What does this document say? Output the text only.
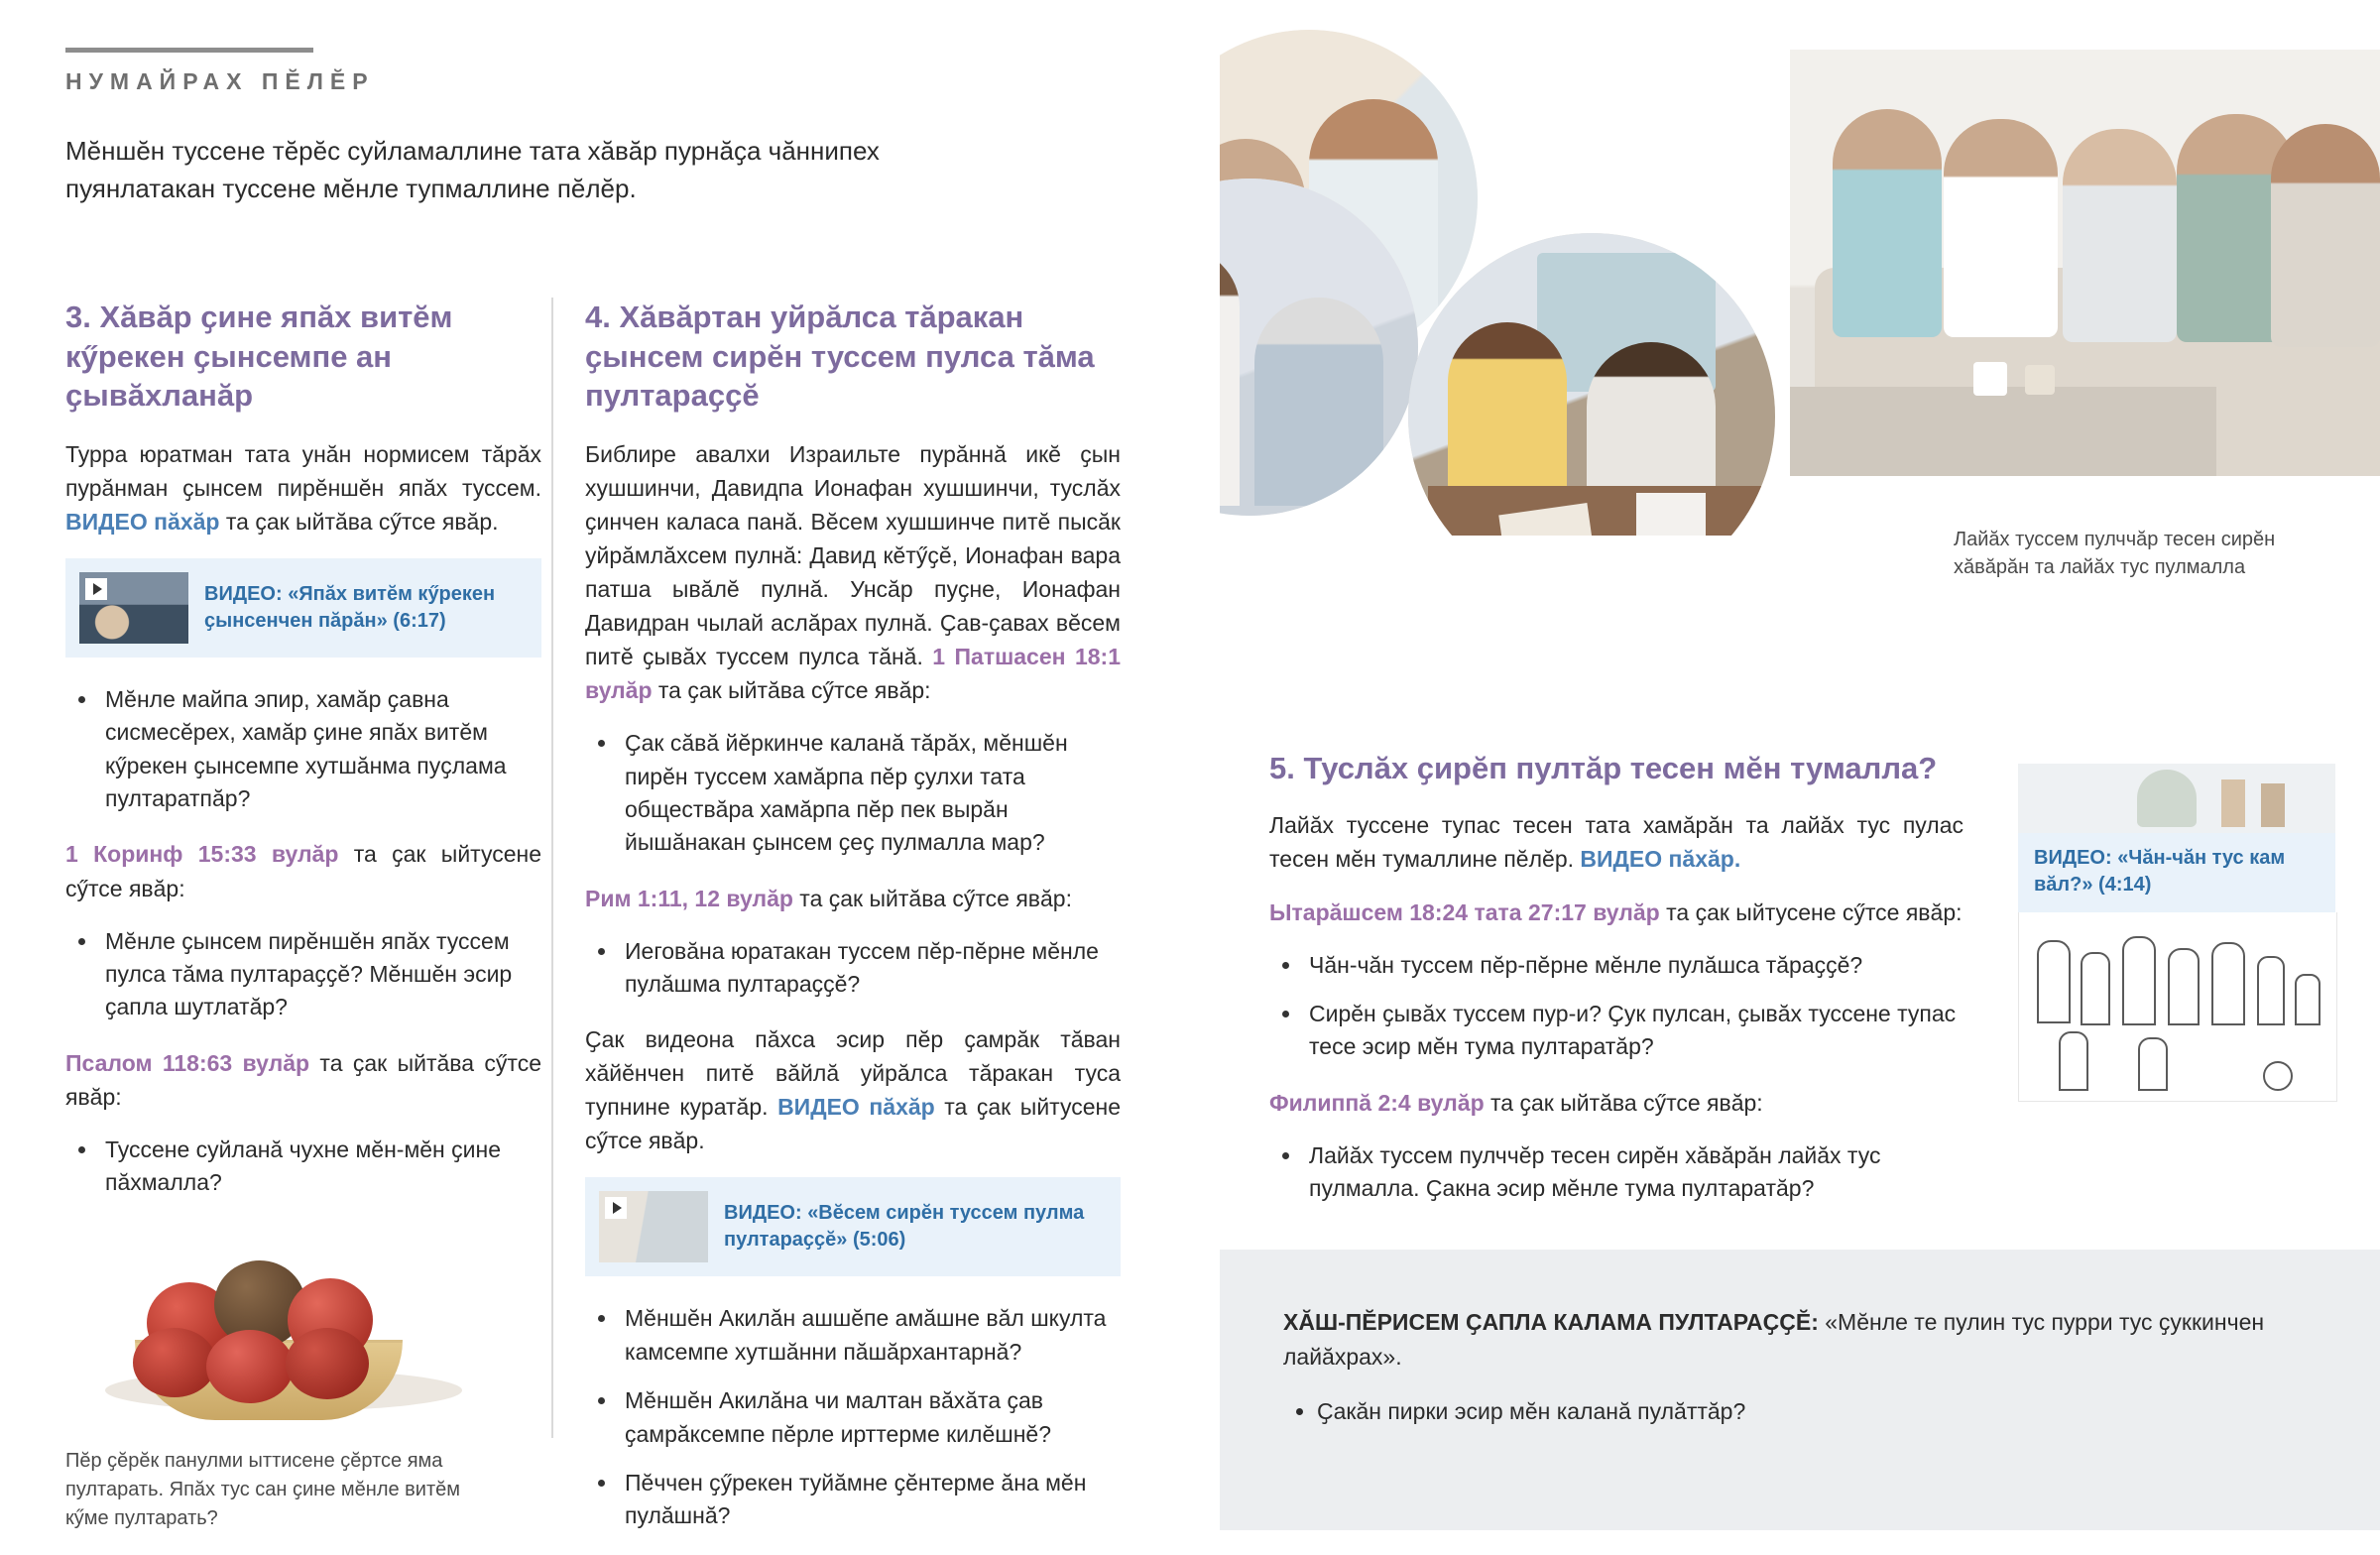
НУМАЙРАХ ПӖЛӖР
Мӗншӗн туссене тӗрӗс суйламаллине тата хӑвӑр пурнӑҫа чӑннипех пуянлатакан туссене мӗнле тупмаллине пӗлӗр.
3. Хӑвӑр ҫине япӑх витӗм кӳрекен ҫынсемпе ан ҫывӑхланӑр

Турра юратман тата унӑн нормисем тӑрӑх пурӑнман ҫынсем пирӗншӗн япӑх туссем. ВИДЕО пӑхӑр та ҫак ыйтӑва сӳтсе явӑр.

ВИДЕО: «Япӑх витӗм кӳрекен ҫынсенчен пӑрӑн» (6:17)
• Мӗнле майпа эпир, хамӑр ҫавна сисмесӗрех, хамӑр ҫине япӑх витӗм кӳрекен ҫынсемпе хутшӑнма пуҫлама пултаратпӑр?

1 Коринф 15:33 вулӑр та ҫак ыйтусене сӳтсе явӑр:

• Мӗнле ҫынсем пирӗншӗн япӑх туссем пулса тӑма пултараҫҫӗ? Мӗншӗн эсир ҫапла шутлатӑр?

Псалом 118:63 вулӑр та ҫак ыйтӑва сӳтсе явӑр:

• Туссене суйланӑ чухне мӗн-мӗн ҫине пӑхмалла?
Пӗр ҫӗрӗк панулми ыттисене ҫӗртсе яма пултарать. Япӑх тус сан ҫине мӗнле витӗм кӳме пултарать?
4. Хӑвӑртан уйрӑлса тӑракан ҫынсем сирӗн туссем пулса тӑма пултараҫҫӗ

Библире авалхи Израильте пурӑннӑ икӗ ҫын хушшинчи, Давидпа Ионафан хушшинчи, туслӑх ҫинчен каласа панӑ. Вӗсем хушшинче питӗ пысӑк уйрӑмлӑхсем пулнӑ: Давид кӗтӳҫӗ, Ионафан вара патша ывӑлӗ пулнӑ. Унсӑр пуҫне, Ионафан Давидран чылай аслӑрах пулнӑ. Ҫав-ҫавах вӗсем питӗ ҫывӑх туссем пулса тӑнӑ. 1 Патшасен 18:1 вулӑр та ҫак ыйтӑва сӳтсе явӑр:

• Ҫак сӑвӑ йӗркинче каланӑ тӑрӑх, мӗншӗн пирӗн туссем хамӑрпа пӗр ҫулхи тата обществӑра хамӑрпа пӗр пек вырӑн йышӑнакан ҫынсем ҫеҫ пулмалла мар?

Рим 1:11, 12 вулӑр та ҫак ыйтӑва сӳтсе явӑр:

• Иеговӑна юратакан туссем пӗр-пӗрне мӗнле пулӑшма пултараҫҫӗ?

Ҫак видеона пӑхса эсир пӗр ҫамрӑк тӑван хӑйӗнчен питӗ вӑйлӑ уйрӑлса тӑракан туса тупнине куратӑр. ВИДЕО пӑхӑр та ҫак ыйтусене сӳтсе явӑр.

ВИДЕО: «Вӗсем сирӗн туссем пулма пултараҫҫӗ» (5:06)
• Мӗншӗн Акилӑн ашшӗпе амӑшне вӑл шкулта камсемпе хутшӑнни пӑшӑрхантарнӑ?
• Мӗншӗн Акилӑна чи малтан вӑхӑта ҫав ҫамрӑксемпе пӗрле ирттерме килӗшнӗ?
• Пӗччен ҫӳрекен туйӑмне ҫӗнтерме ӑна мӗн пулӑшнӑ?
Лайӑх туссем пулччӑр тесен сирӗн хӑвӑрӑн та лайӑх тус пулмалла
5. Туслӑх ҫирӗп пултӑр тесен мӗн тумалла?

Лайӑх туссене тупас тесен тата хамӑрӑн та лайӑх тус пулас тесен мӗн тумаллине пӗлӗр. ВИДЕО пӑхӑр.

Ытарӑшсем 18:24 тата 27:17 вулӑр та ҫак ыйтусене сӳтсе явӑр:

• Чӑн-чӑн туссем пӗр-пӗрне мӗнле пулӑшса тӑраҫҫӗ?
• Сирӗн ҫывӑх туссем пур-и? Ҫук пулсан, ҫывӑх туссене тупас тесе эсир мӗн тума пултаратӑр?

Филиппӑ 2:4 вулӑр та ҫак ыйтӑва сӳтсе явӑр:

• Лайӑх туссем пулччӗр тесен сирӗн хӑвӑрӑн лайӑх тус пулмалла. Ҫакна эсир мӗнле тума пултаратӑр?
ВИДЕО: «Чӑн-чӑн тус кам вӑл?» (4:14)
ХӐШ-ПӖРИСЕМ ҪАПЛА КАЛАМА ПУЛТАРАҪҪӖ: «Мӗнле те пулин тус пурри тус ҫуккинчен лайӑхрах».
• Ҫакӑн пирки эсир мӗн каланӑ пулӑттӑр?
